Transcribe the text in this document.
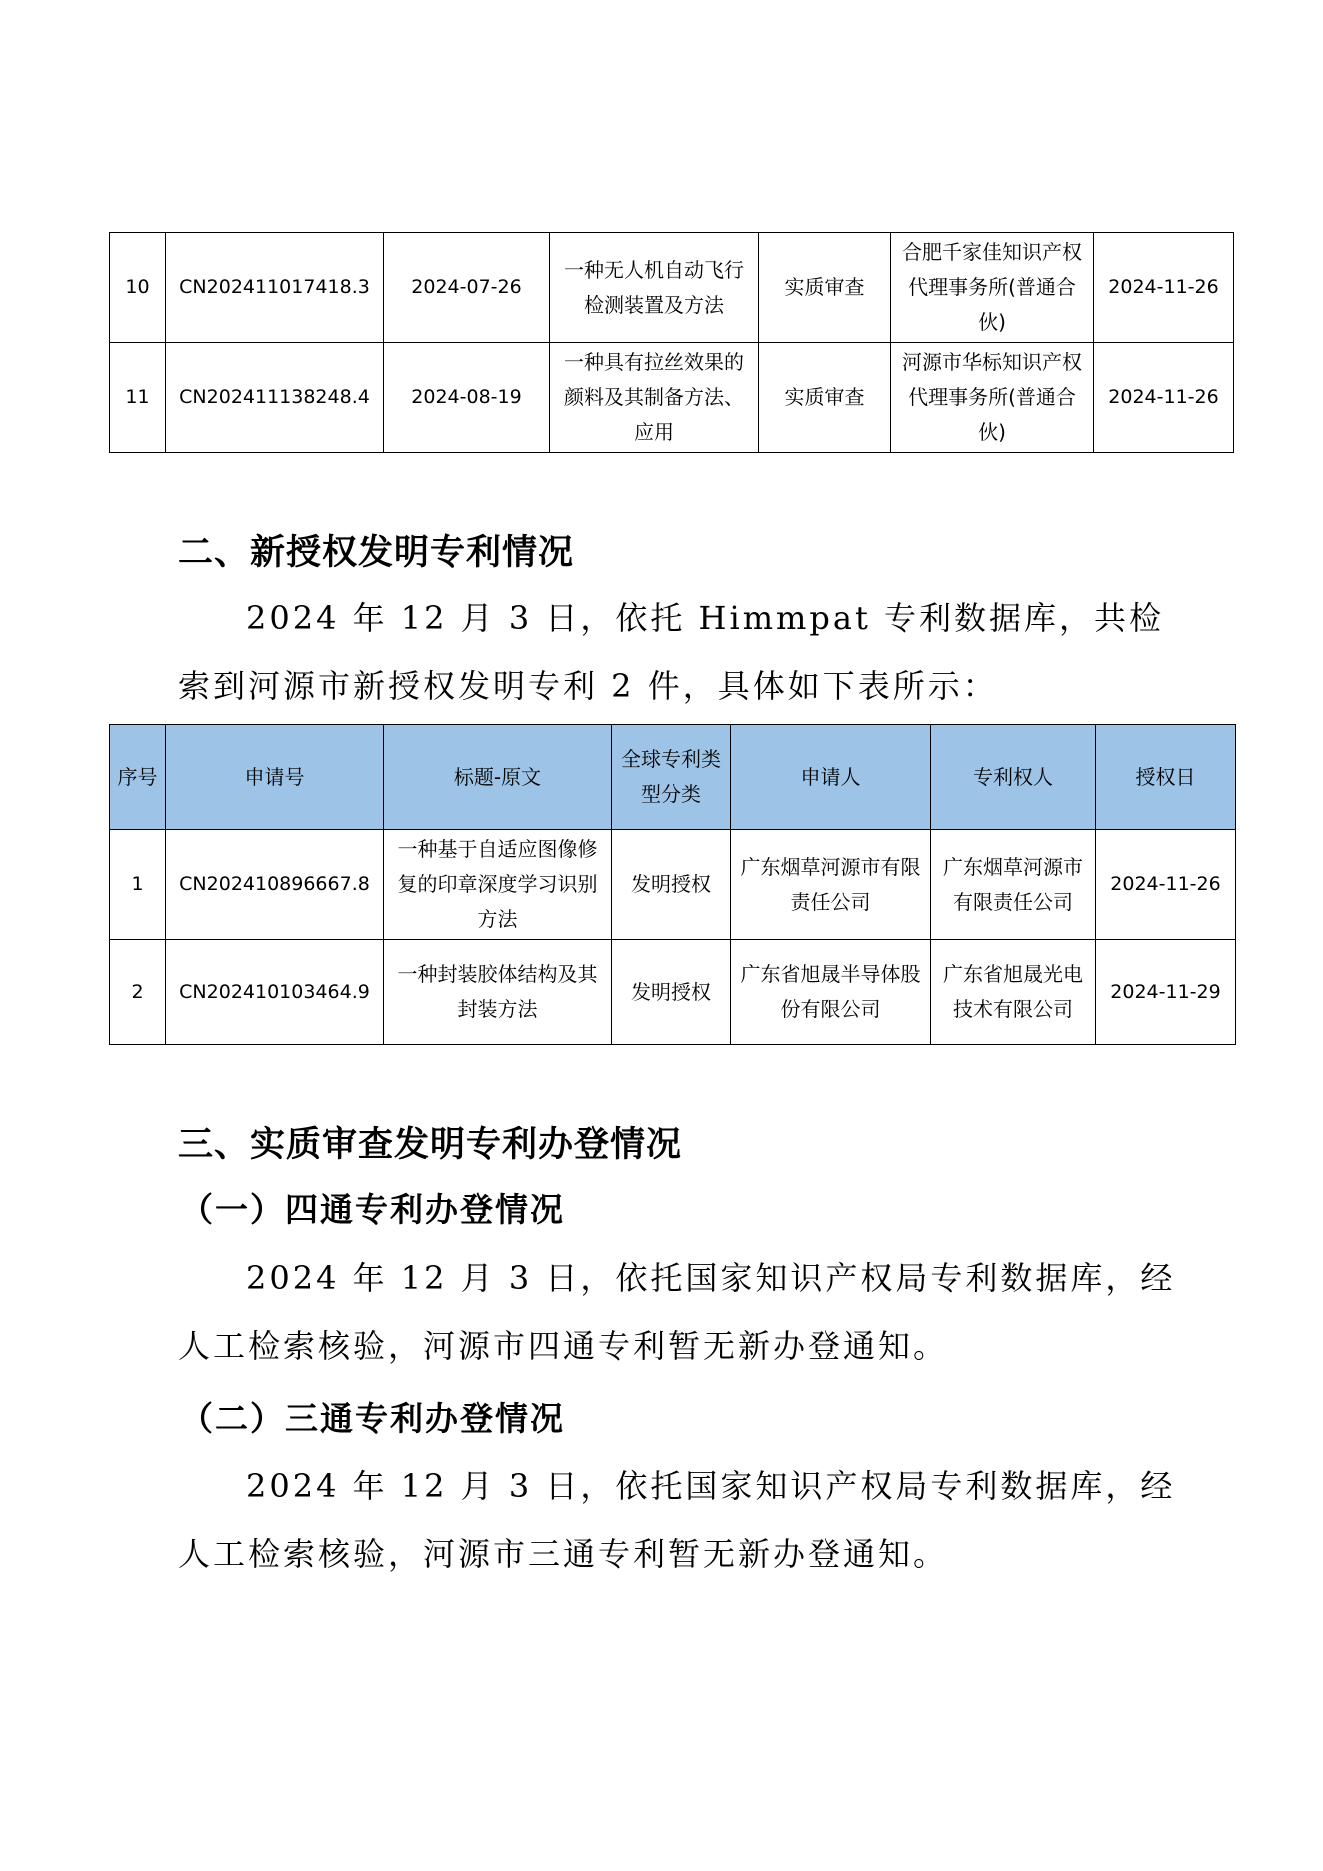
10	CN202411017418.3	2024-07-26	一种无人机自动飞行检测装置及方法	实质审查	合肥千家佳知识产权代理事务所(普通合伙)	2024-11-26
11	CN202411138248.4	2024-08-19	一种具有拉丝效果的颜料及其制备方法、应用	实质审查	河源市华标知识产权代理事务所(普通合伙)	2024-11-26
二、新授权发明专利情况

2024 年 12 月 3 日，依托 Himmpat 专利数据库，共检索到河源市新授权发明专利 2 件，具体如下表所示：

序号	申请号	标题-原文	全球专利类型分类	申请人	专利权人	授权日
1	CN202410896667.8	一种基于自适应图像修复的印章深度学习识别方法	发明授权	广东烟草河源市有限责任公司	广东烟草河源市有限责任公司	2024-11-26
2	CN202410103464.9	一种封装胶体结构及其封装方法	发明授权	广东省旭晟半导体股份有限公司	广东省旭晟光电技术有限公司	2024-11-29
三、实质审查发明专利办登情况
（一）四通专利办登情况

2024 年 12 月 3 日，依托国家知识产权局专利数据库，经人工检索核验，河源市四通专利暂无新办登通知。

（二）三通专利办登情况

2024 年 12 月 3 日，依托国家知识产权局专利数据库，经人工检索核验，河源市三通专利暂无新办登通知。
